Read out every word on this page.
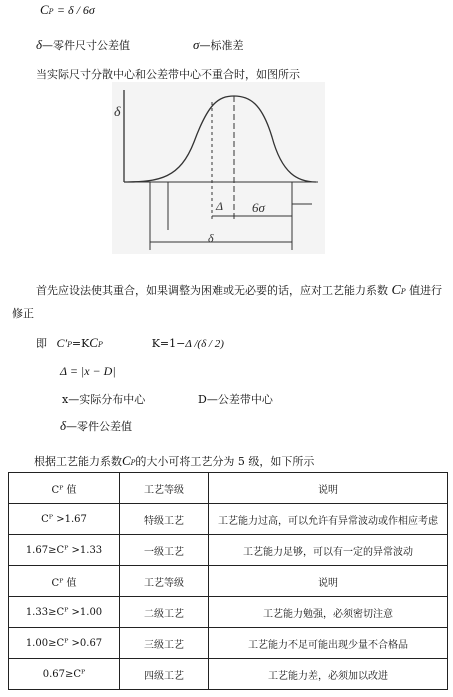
CP = δ / 6σ
δ—零件尺寸公差值	σ—标准差
当实际尺寸分散中心和公差带中心不重合时，如图所示
δ
Δ 6σ
δ
首先应设法使其重合，如果调整为困难或无必要的话，应对工艺能力系数 CP 值进行
修正
即 C′P=KCP	K=1−Δ /(δ / 2)
Δ = |x − D|
x—实际分布中心	D—公差带中心
δ—零件公差值
根据工艺能力系数CP的大小可将工艺分为 5 级，如下所示
Cᴾ 值	工艺等级	说明
Cᴾ >1.67	特级工艺	工艺能力过高，可以允许有异常波动或作相应考虑
1.67≥Cᴾ >1.33	一级工艺	工艺能力足够，可以有一定的异常波动
Cᴾ 值	工艺等级	说明
1.33≥Cᴾ >1.00	二级工艺	工艺能力勉强，必须密切注意
1.00≥Cᴾ >0.67	三级工艺	工艺能力不足可能出现少量不合格品
0.67≥Cᴾ	四级工艺	工艺能力差，必须加以改进
